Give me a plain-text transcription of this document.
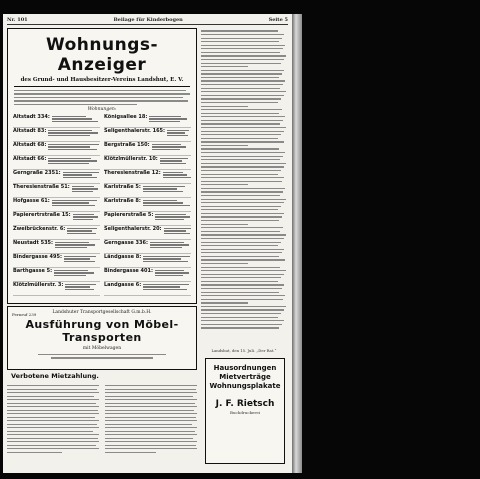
Nr. 101	Beilage für Kinderbogen	Seite 5
Wohnungs-Anzeiger
des Grund- und Hausbesitzer-Vereins Landshut, E. V.
Wohnungen:
Altstadt 334:	Königsallee 18:
Altstadt 83:	Seligenthalerstr. 165:
Altstadt 68:	Bergstraße 150:
Altstadt 66:	Klötzlmüllerstr. 10:
Gerngraße 2351:	Theresienstraße 12:
Theresienstraße 51:	Karlstraße 5:
Hofgasse 61:	Karlstraße 8:
Papierertrstraße 15:	Papiererstraße 5:
Zweibrückenstr. 6:	Seligenthalerstr. 20:
Neustadt 535:	Gerngasse 336:
Bindergasse 495:	Ländgasse 8:
Barthgasse 5:	Bindergasse 401:
Klötzlmüllerstr. 3:	Landgasse 6:
Fernruf 239	Landshuter Transportgesellschaft G.m.b.H.
Ausführung von Möbel-Transporten
mit Möbelwagen
Verbotene Mietzahlung.
Landshut, den 15. Juli. „Der Rat.“
Hausordnungen
Mietverträge
Wohnungsplakate
J. F. Rietsch
Buchdruckerei
